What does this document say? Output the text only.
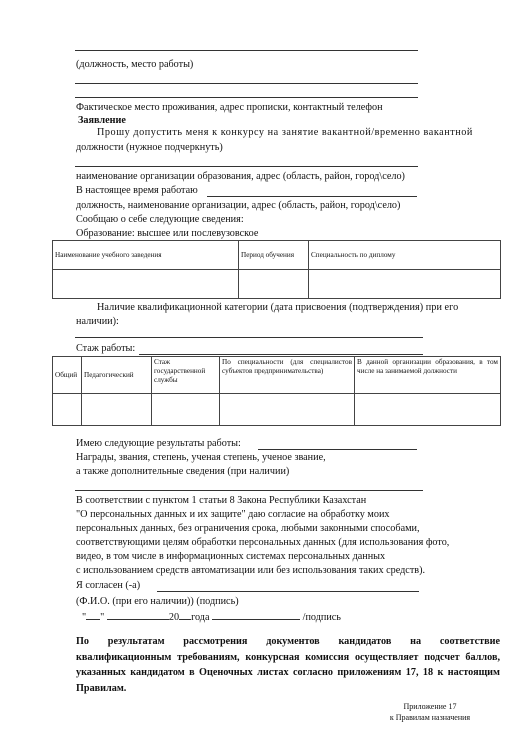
(должность, место работы)
Фактическое место проживания, адрес прописки, контактный телефон
Заявление
Прошу допустить меня к конкурсу на занятие вакантной/временно вакантной
должности (нужное подчеркнуть)
наименование организации образования, адрес (область, район, город\село)
В настоящее время работаю
должность, наименование организации, адрес (область, район, город\село)
Сообщаю о себе следующие сведения:
Образование: высшее или послевузовское
Наименование учебного заведения	Период обучения	Специальность по диплому

Наличие квалификационной категории (дата присвоения (подтверждения) при его
наличии):
Стаж работы:
Общий	Педагогический	Стаж государственной службы	По специальности (для специалистов субъектов предпринимательства)	В данной организации образования, в том числе на занимаемой должности

Имею следующие результаты работы:
Награды, звания, степень, ученая степень, ученое звание,
а также дополнительные сведения (при наличии)
В соответствии с пунктом 1 статьи 8 Закона Республики Казахстан
"О персональных данных и их защите" даю согласие на обработку моих
персональных данных, без ограничения срока, любыми законными способами,
соответствующими целям обработки персональных данных (для использования фото,
видео, в том числе в информационных системах персональных данных
с использованием средств автоматизации или без использования таких средств).
Я согласен (-а)
(Ф.И.О. (при его наличии)) (подпись)
" "	20 года	/подпись
По результатам рассмотрения документов кандидатов на соответствие квалификационным требованиям, конкурсная комиссия осуществляет подсчет баллов, указанных кандидатом в Оценочных листах согласно приложениям 17, 18 к настоящим Правилам.
Приложение 17
к Правилам назначения
